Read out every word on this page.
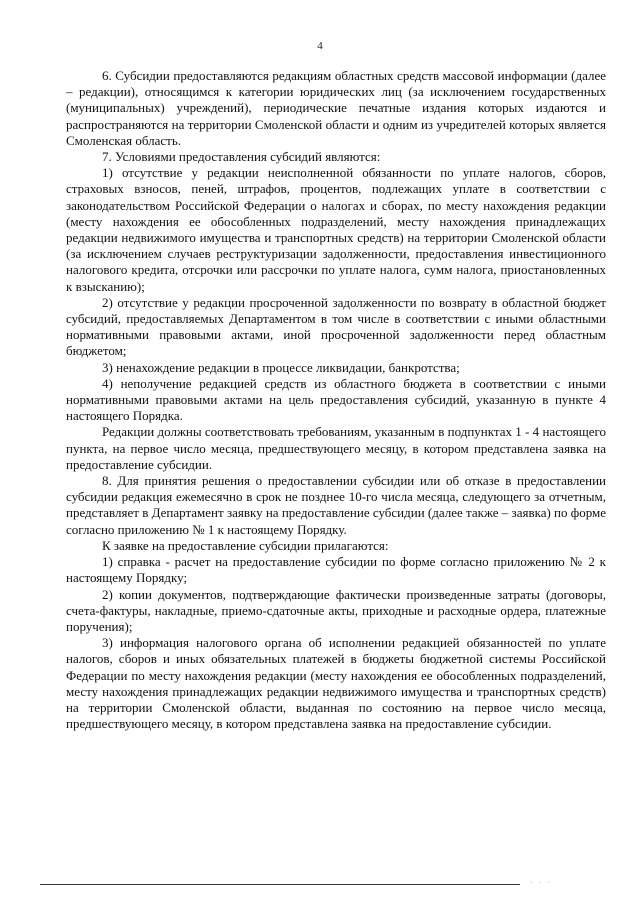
4

6. Субсидии предоставляются редакциям областных средств массовой информации (далее – редакции), относящимся к категории юридических лиц (за исключением государственных (муниципальных) учреждений), периодические печатные издания которых издаются и распространяются на территории Смоленской области и одним из учредителей которых является Смоленская область.

7. Условиями предоставления субсидий являются:

1) отсутствие у редакции неисполненной обязанности по уплате налогов, сборов, страховых взносов, пеней, штрафов, процентов, подлежащих уплате в соответствии с законодательством Российской Федерации о налогах и сборах, по месту нахождения редакции (месту нахождения ее обособленных подразделений, месту нахождения принадлежащих редакции недвижимого имущества и транспортных средств) на территории Смоленской области (за исключением случаев реструктуризации задолженности, предоставления инвестиционного налогового кредита, отсрочки или рассрочки по уплате налога, сумм налога, приостановленных к взысканию);

2) отсутствие у редакции просроченной задолженности по возврату в областной бюджет субсидий, предоставляемых Департаментом в том числе в соответствии с иными областными нормативными правовыми актами, иной просроченной задолженности перед областным бюджетом;

3) ненахождение редакции в процессе ликвидации, банкротства;

4) неполучение редакцией средств из областного бюджета в соответствии с иными нормативными правовыми актами на цель предоставления субсидий, указанную в пункте 4 настоящего Порядка.

Редакции должны соответствовать требованиям, указанным в подпунктах 1 - 4 настоящего пункта, на первое число месяца, предшествующего месяцу, в котором представлена заявка на предоставление субсидии.

8. Для принятия решения о предоставлении субсидии или об отказе в предоставлении субсидии редакция ежемесячно в срок не позднее 10-го числа месяца, следующего за отчетным, представляет в Департамент заявку на предоставление субсидии (далее также – заявка) по форме согласно приложению № 1 к настоящему Порядку.

К заявке на предоставление субсидии прилагаются:

1) справка - расчет на предоставление субсидии по форме согласно приложению № 2 к настоящему Порядку;

2) копии документов, подтверждающие фактически произведенные затраты (договоры, счета-фактуры, накладные, приемо-сдаточные акты, приходные и расходные ордера, платежные поручения);

3) информация налогового органа об исполнении редакцией обязанностей по уплате налогов, сборов и иных обязательных платежей в бюджеты бюджетной системы Российской Федерации по месту нахождения редакции (месту нахождения ее обособленных подразделений, месту нахождения принадлежащих редакции недвижимого имущества и транспортных средств) на территории Смоленской области, выданная по состоянию на первое число месяца, предшествующего месяцу, в котором представлена заявка на предоставление субсидии.

· · ·
